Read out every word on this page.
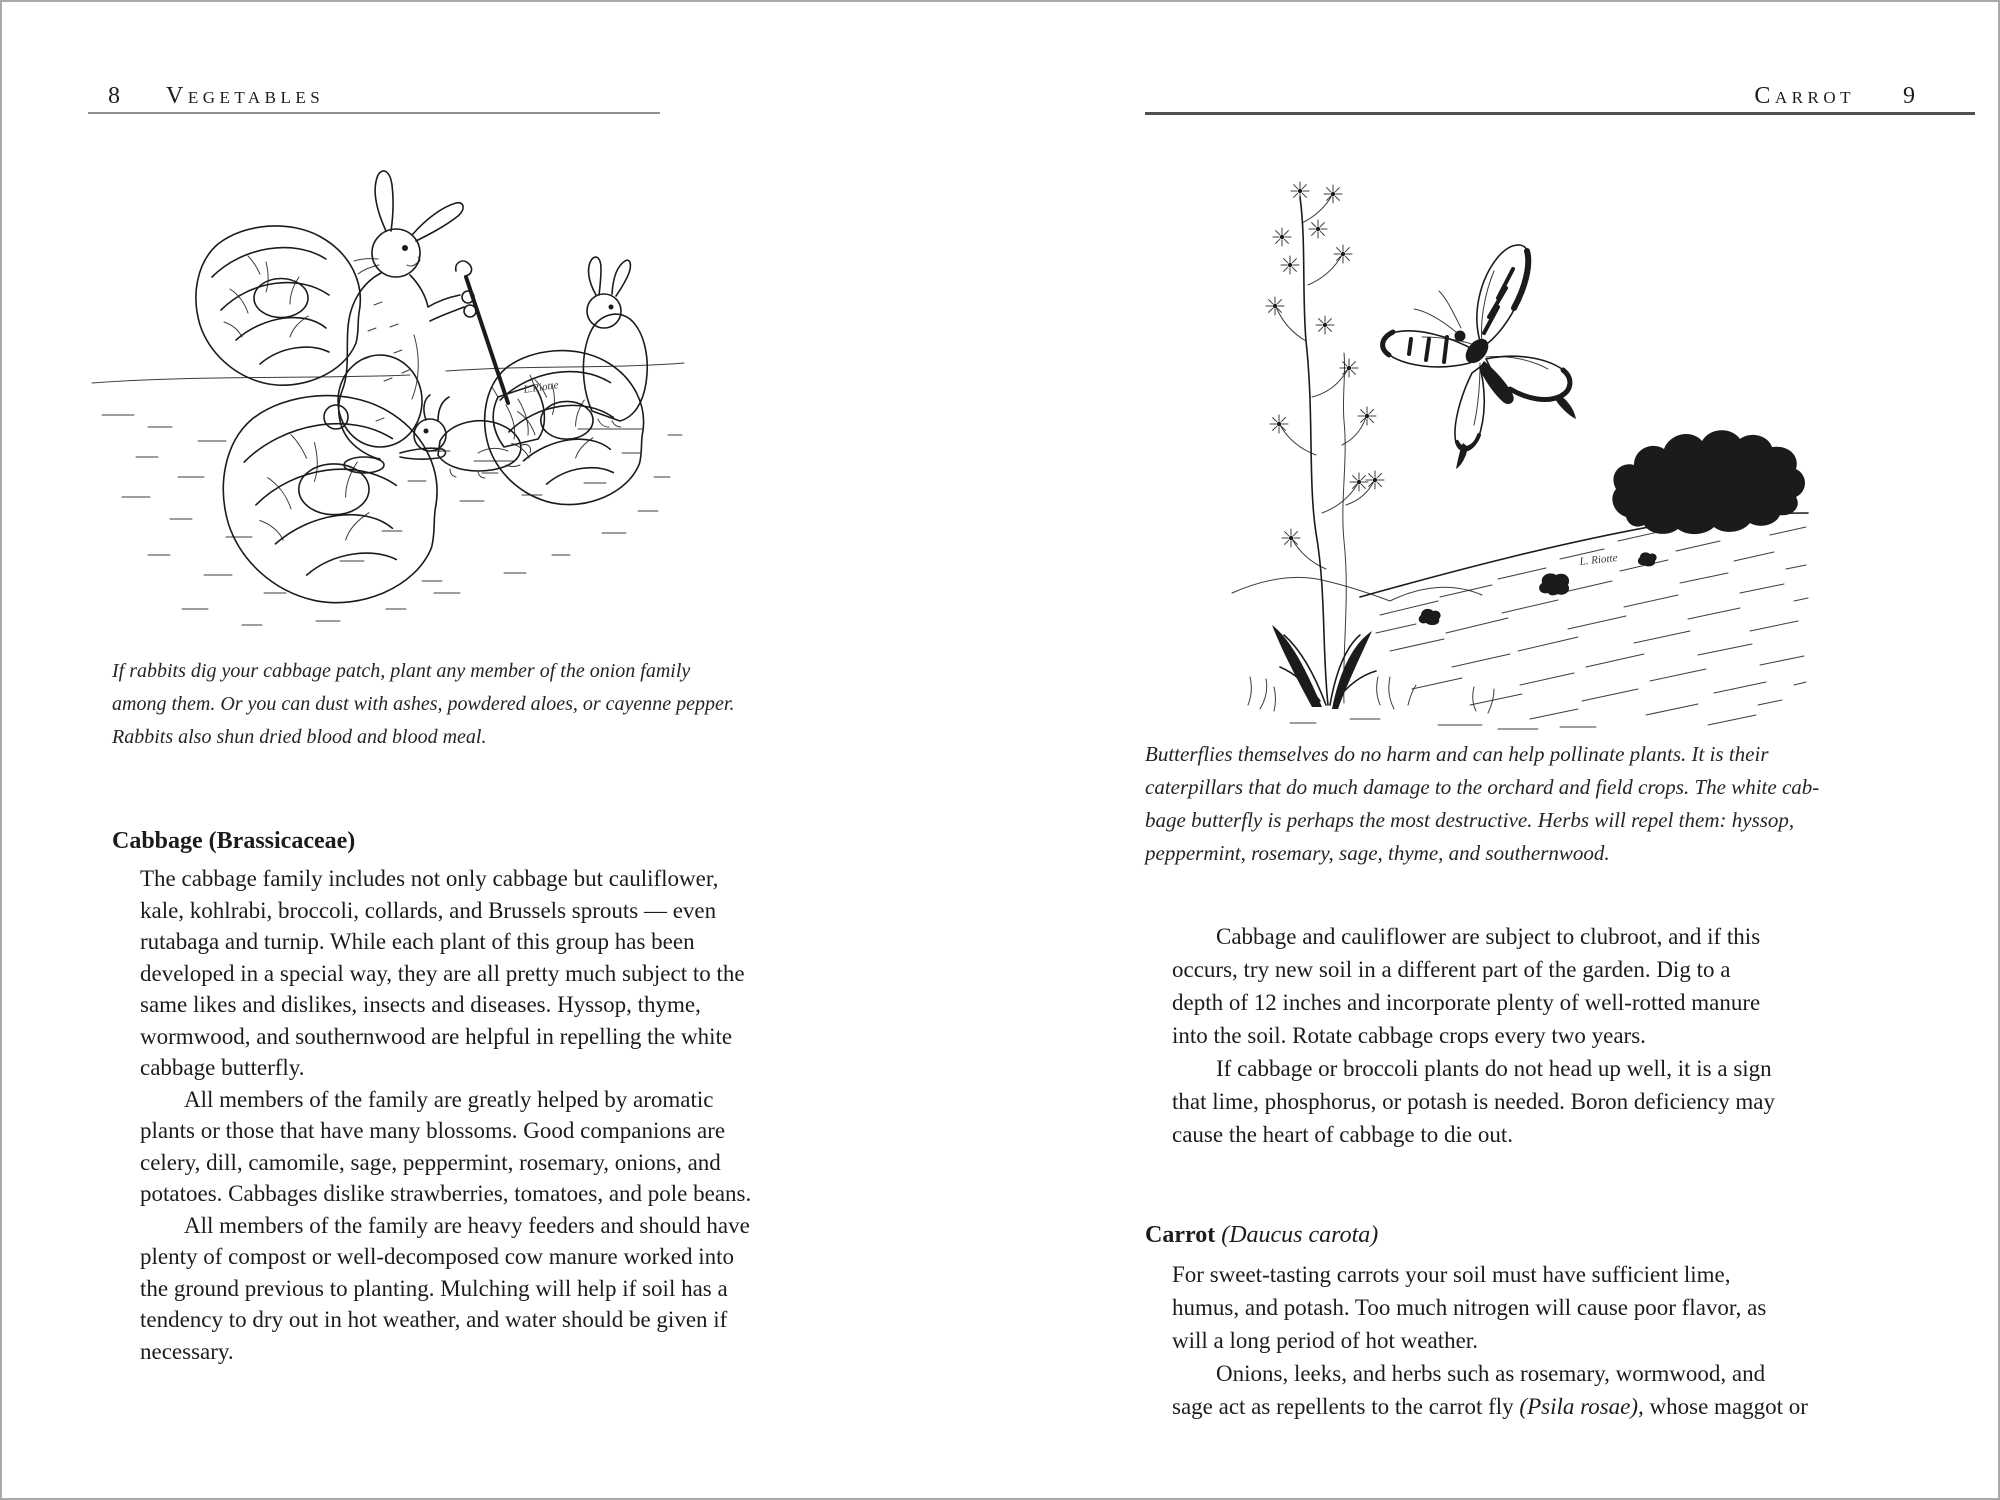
8 Vegetables
L.Riotte
If rabbits dig your cabbage patch, plant any member of the onion family
among them. Or you can dust with ashes, powdered aloes, or cayenne pepper.
Rabbits also shun dried blood and blood meal.
Cabbage (Brassicaceae)
The cabbage family includes not only cabbage but cauliflower,
kale, kohlrabi, broccoli, collards, and Brussels sprouts — even
rutabaga and turnip. While each plant of this group has been
developed in a special way, they are all pretty much subject to the
same likes and dislikes, insects and diseases. Hyssop, thyme,
wormwood, and southernwood are helpful in repelling the white
cabbage butterfly.
All members of the family are greatly helped by aromatic
plants or those that have many blossoms. Good companions are
celery, dill, camomile, sage, peppermint, rosemary, onions, and
potatoes. Cabbages dislike strawberries, tomatoes, and pole beans.
All members of the family are heavy feeders and should have
plenty of compost or well-decomposed cow manure worked into
the ground previous to planting. Mulching will help if soil has a
tendency to dry out in hot weather, and water should be given if
necessary.
Carrot 9
L. Riotte
Butterflies themselves do no harm and can help pollinate plants. It is their
caterpillars that do much damage to the orchard and field crops. The white cab-
bage butterfly is perhaps the most destructive. Herbs will repel them: hyssop,
peppermint, rosemary, sage, thyme, and southernwood.
Cabbage and cauliflower are subject to clubroot, and if this
occurs, try new soil in a different part of the garden. Dig to a
depth of 12 inches and incorporate plenty of well-rotted manure
into the soil. Rotate cabbage crops every two years.
If cabbage or broccoli plants do not head up well, it is a sign
that lime, phosphorus, or potash is needed. Boron deficiency may
cause the heart of cabbage to die out.
Carrot (Daucus carota)
For sweet-tasting carrots your soil must have sufficient lime,
humus, and potash. Too much nitrogen will cause poor flavor, as
will a long period of hot weather.
Onions, leeks, and herbs such as rosemary, wormwood, and
sage act as repellents to the carrot fly (Psila rosae), whose maggot or
